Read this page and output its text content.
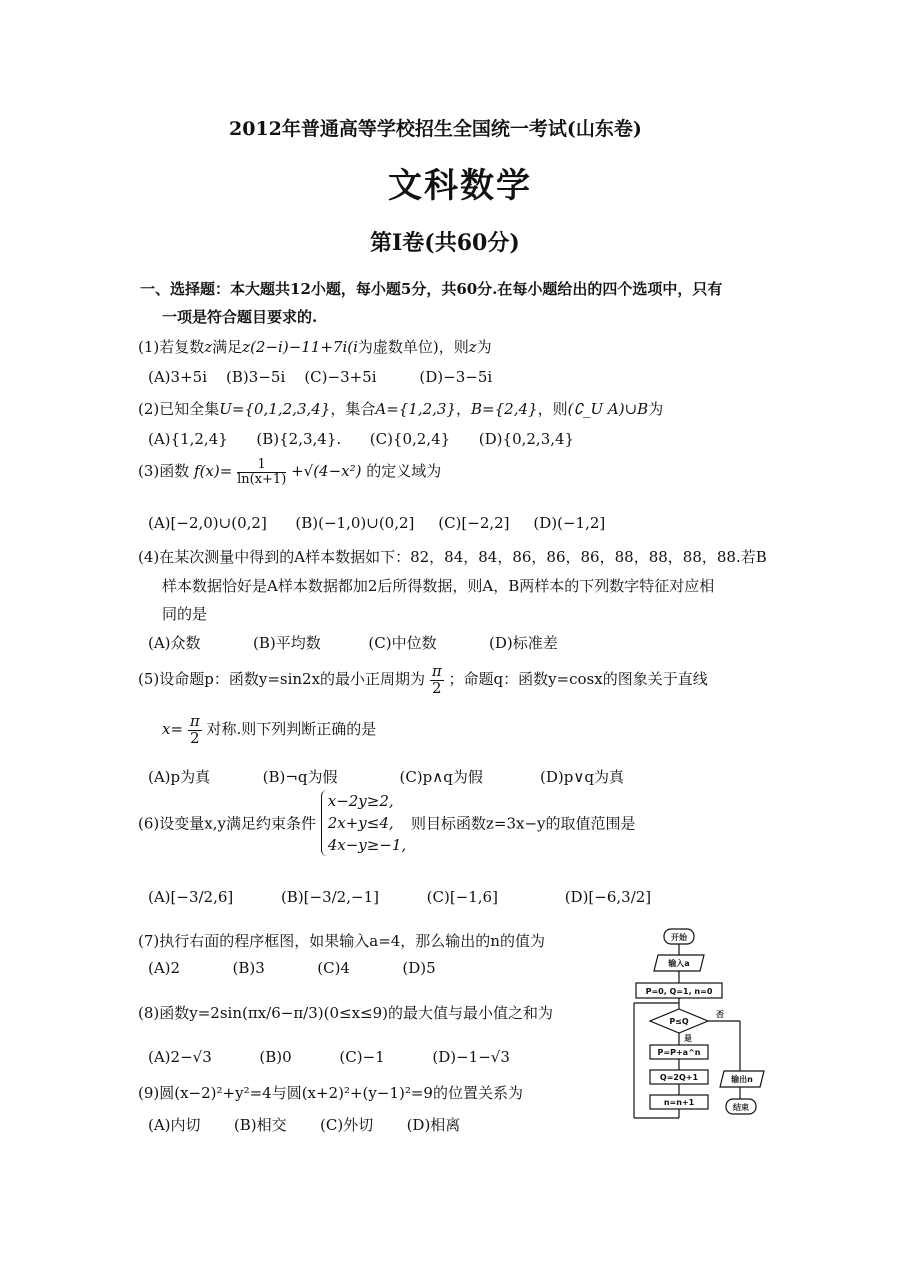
2012年普通高等学校招生全国统一考试(山东卷)
文科数学
第Ⅰ卷(共60分)
一、选择题：本大题共12小题，每小题5分，共60分.在每小题给出的四个选项中，只有
一项是符合题目要求的.
(1)若复数z满足z(2−i)−11+7i(i为虚数单位)，则z为
(A)3+5i    (B)3−5i    (C)−3+5i         (D)−3−5i
(2)已知全集U={0,1,2,3,4}，集合A={1,2,3}，B={2,4}，则(∁_U A)∪B为
(A){1,2,4}      (B){2,3,4}.      (C){0,2,4}      (D){0,2,3,4}
(3)函数 $f(x)= \frac{1}{\ln(x+1)} +√(4-x^2)$ 的定义域为
(A)[−2,0)∪(0,2]      (B)(−1,0)∪(0,2]     (C)[−2,2]     (D)(−1,2]
(4)在某次测量中得到的A样本数据如下：82，84，84，86，86，86，88，88，88，88.若B
样本数据恰好是A样本数据都加2后所得数据，则A，B两样本的下列数字特征对应相
同的是
(A)众数           (B)平均数          (C)中位数           (D)标准差
(5)设命题p：函数y=sin2x的最小正周期为 $\frac{\pi}{2}$ ；命题q：函数y=cosx的图象关于直线
$x= \frac{\pi}{2}$ 对称.则下列判断正确的是
(A)p为真           (B)¬q为假             (C)p∧q为假            (D)p∨q为真
(6)设变量x,y满足约束条件
x−2y≥2,
2x+y≤4,
4x−y≥−1,
则目标函数z=3x−y的取值范围是
(A)[−3/2,6]          (B)[−3/2,−1]          (C)[−1,6]              (D)[−6,3/2]
(7)执行右面的程序框图，如果输入a=4，那么输出的n的值为
(A)2           (B)3           (C)4           (D)5
(8)函数y=2sin(πx/6−π/3)(0≤x≤9)的最大值与最小值之和为
(A)2−√3          (B)0          (C)−1          (D)−1−√3
(9)圆(x−2)²+y²=4与圆(x+2)²+(y−1)²=9的位置关系为
(A)内切       (B)相交       (C)外切       (D)相离
开始
输入a
P=0, Q=1, n=0
P≤Q
否
是
P=P+a^n
Q=2Q+1
n=n+1
输出n
结束
